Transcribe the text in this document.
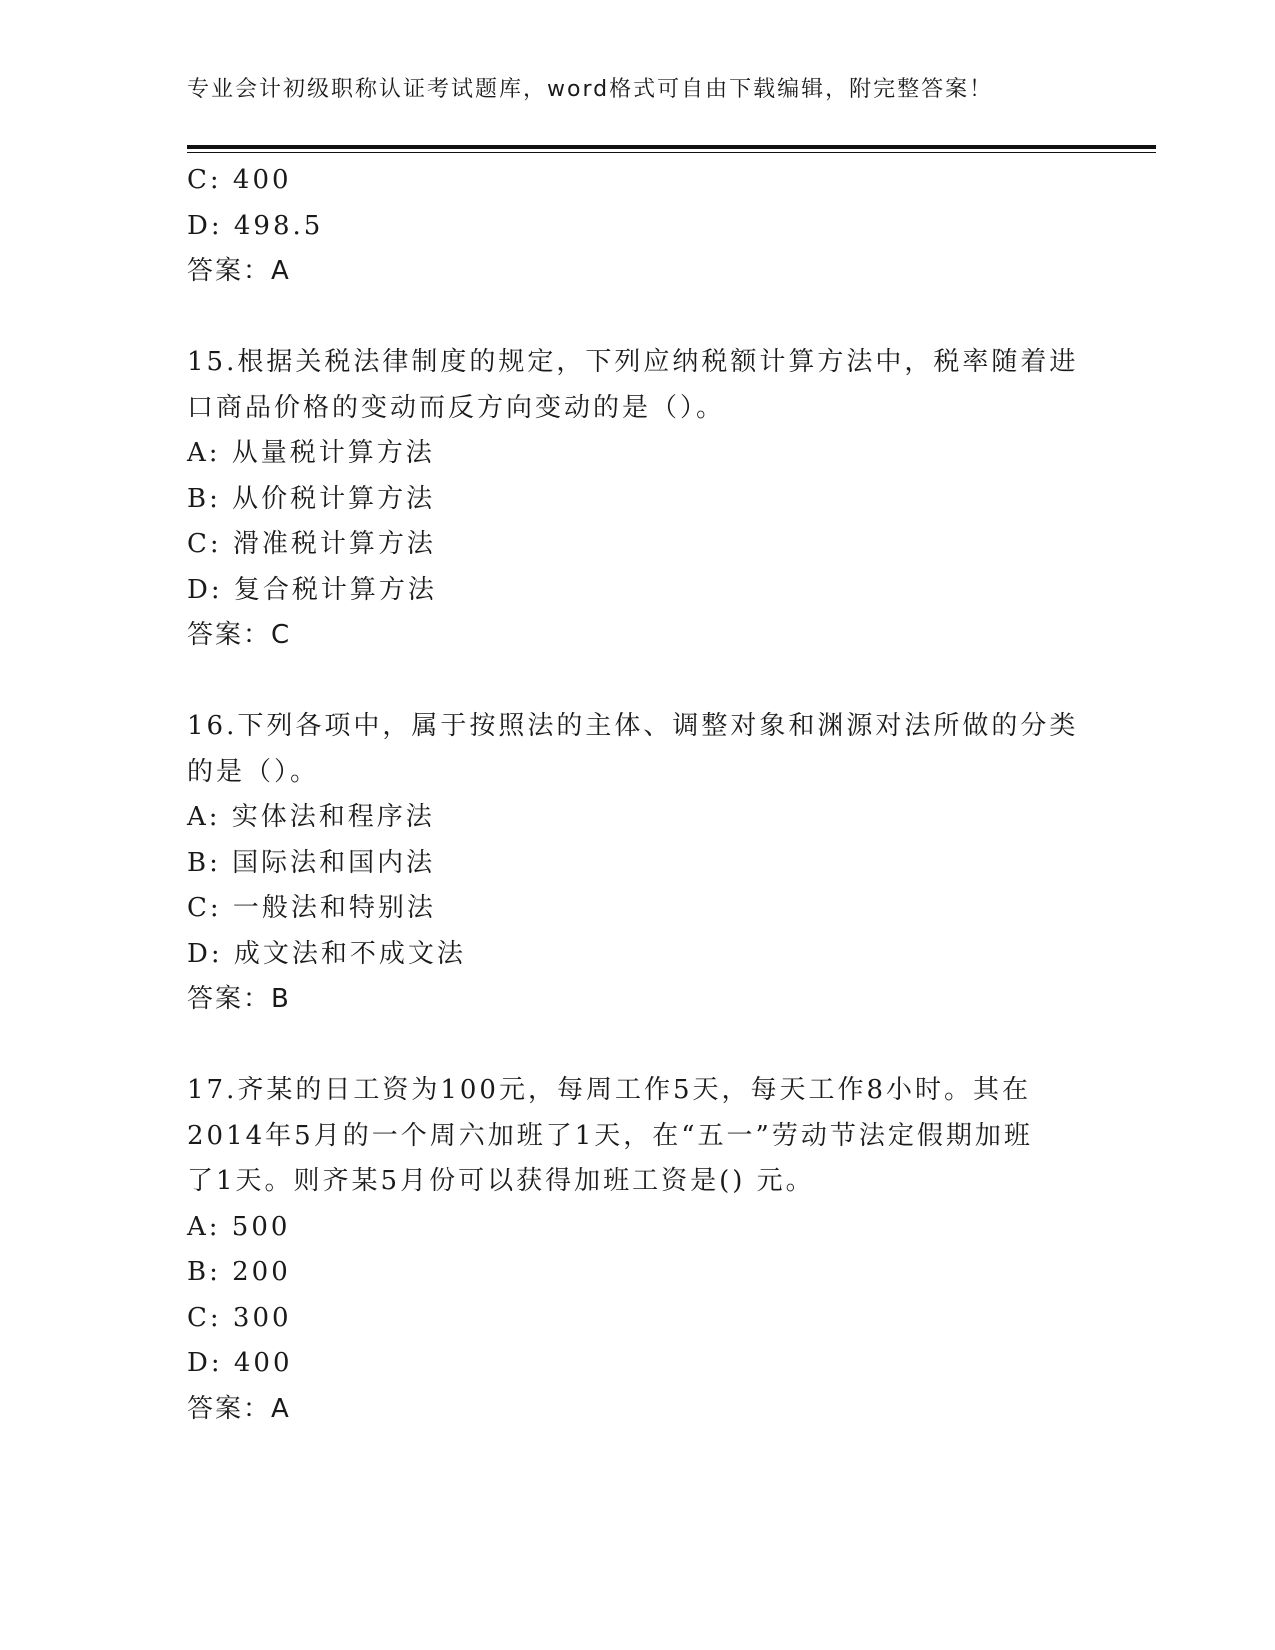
专业会计初级职称认证考试题库，word格式可自由下载编辑，附完整答案！
C: 400
D: 498.5
答案：A
15.根据关税法律制度的规定，下列应纳税额计算方法中，税率随着进
口商品价格的变动而反方向变动的是（）。
A: 从量税计算方法
B: 从价税计算方法
C: 滑准税计算方法
D: 复合税计算方法
答案：C
16.下列各项中，属于按照法的主体、调整对象和渊源对法所做的分类
的是（）。
A: 实体法和程序法
B: 国际法和国内法
C: 一般法和特别法
D: 成文法和不成文法
答案：B
17.齐某的日工资为100元，每周工作5天，每天工作8小时。其在
2014年5月的一个周六加班了1天，在“五一”劳动节法定假期加班
了1天。则齐某5月份可以获得加班工资是() 元。
A: 500
B: 200
C: 300
D: 400
答案：A
